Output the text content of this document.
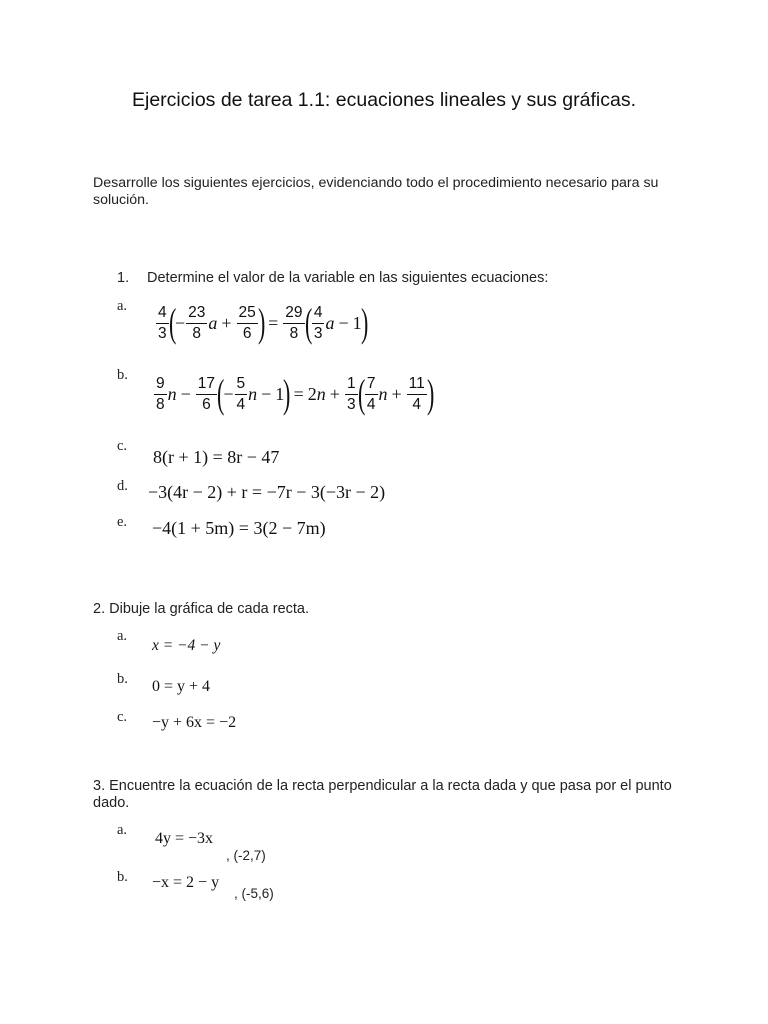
Ejercicios de tarea 1.1: ecuaciones lineales y sus gráficas.
Desarrolle los siguientes ejercicios, evidenciando todo el procedimiento necesario para su solución.
1. Determine el valor de la variable en las siguientes ecuaciones:
a. $\frac{4}{3}$ (
− $\frac{23}{8}$ $a + \frac{25}{6}$ ) = $\frac{29}{8}$ ( $\frac{4}{3}$ a − 1
)
b. $\frac{9}{8}$ $n - \frac{17}{6}$ (
− $\frac{5}{4}$ n − 1
) = $2n + \frac{1}{3}$ ( $\frac{7}{4}$ $n + \frac{11}{4}$ )
c.
8(r + 1) = 8r − 47
d. −3(4r − 2) + r = −7r − 3(−3r − 2)
e. −4(1 + 5m) = 3(2 − 7m)
2. Dibuje la gráfica de cada recta.
a.
x = −4 − y
b. 0 = y + 4
c. −y + 6x = −2
3. Encuentre la ecuación de la recta perpendicular a la recta dada y que pasa por el punto dado.
a. 4y = −3x
, (-2,7)
b. −x = 2 − y
, (-5,6)
